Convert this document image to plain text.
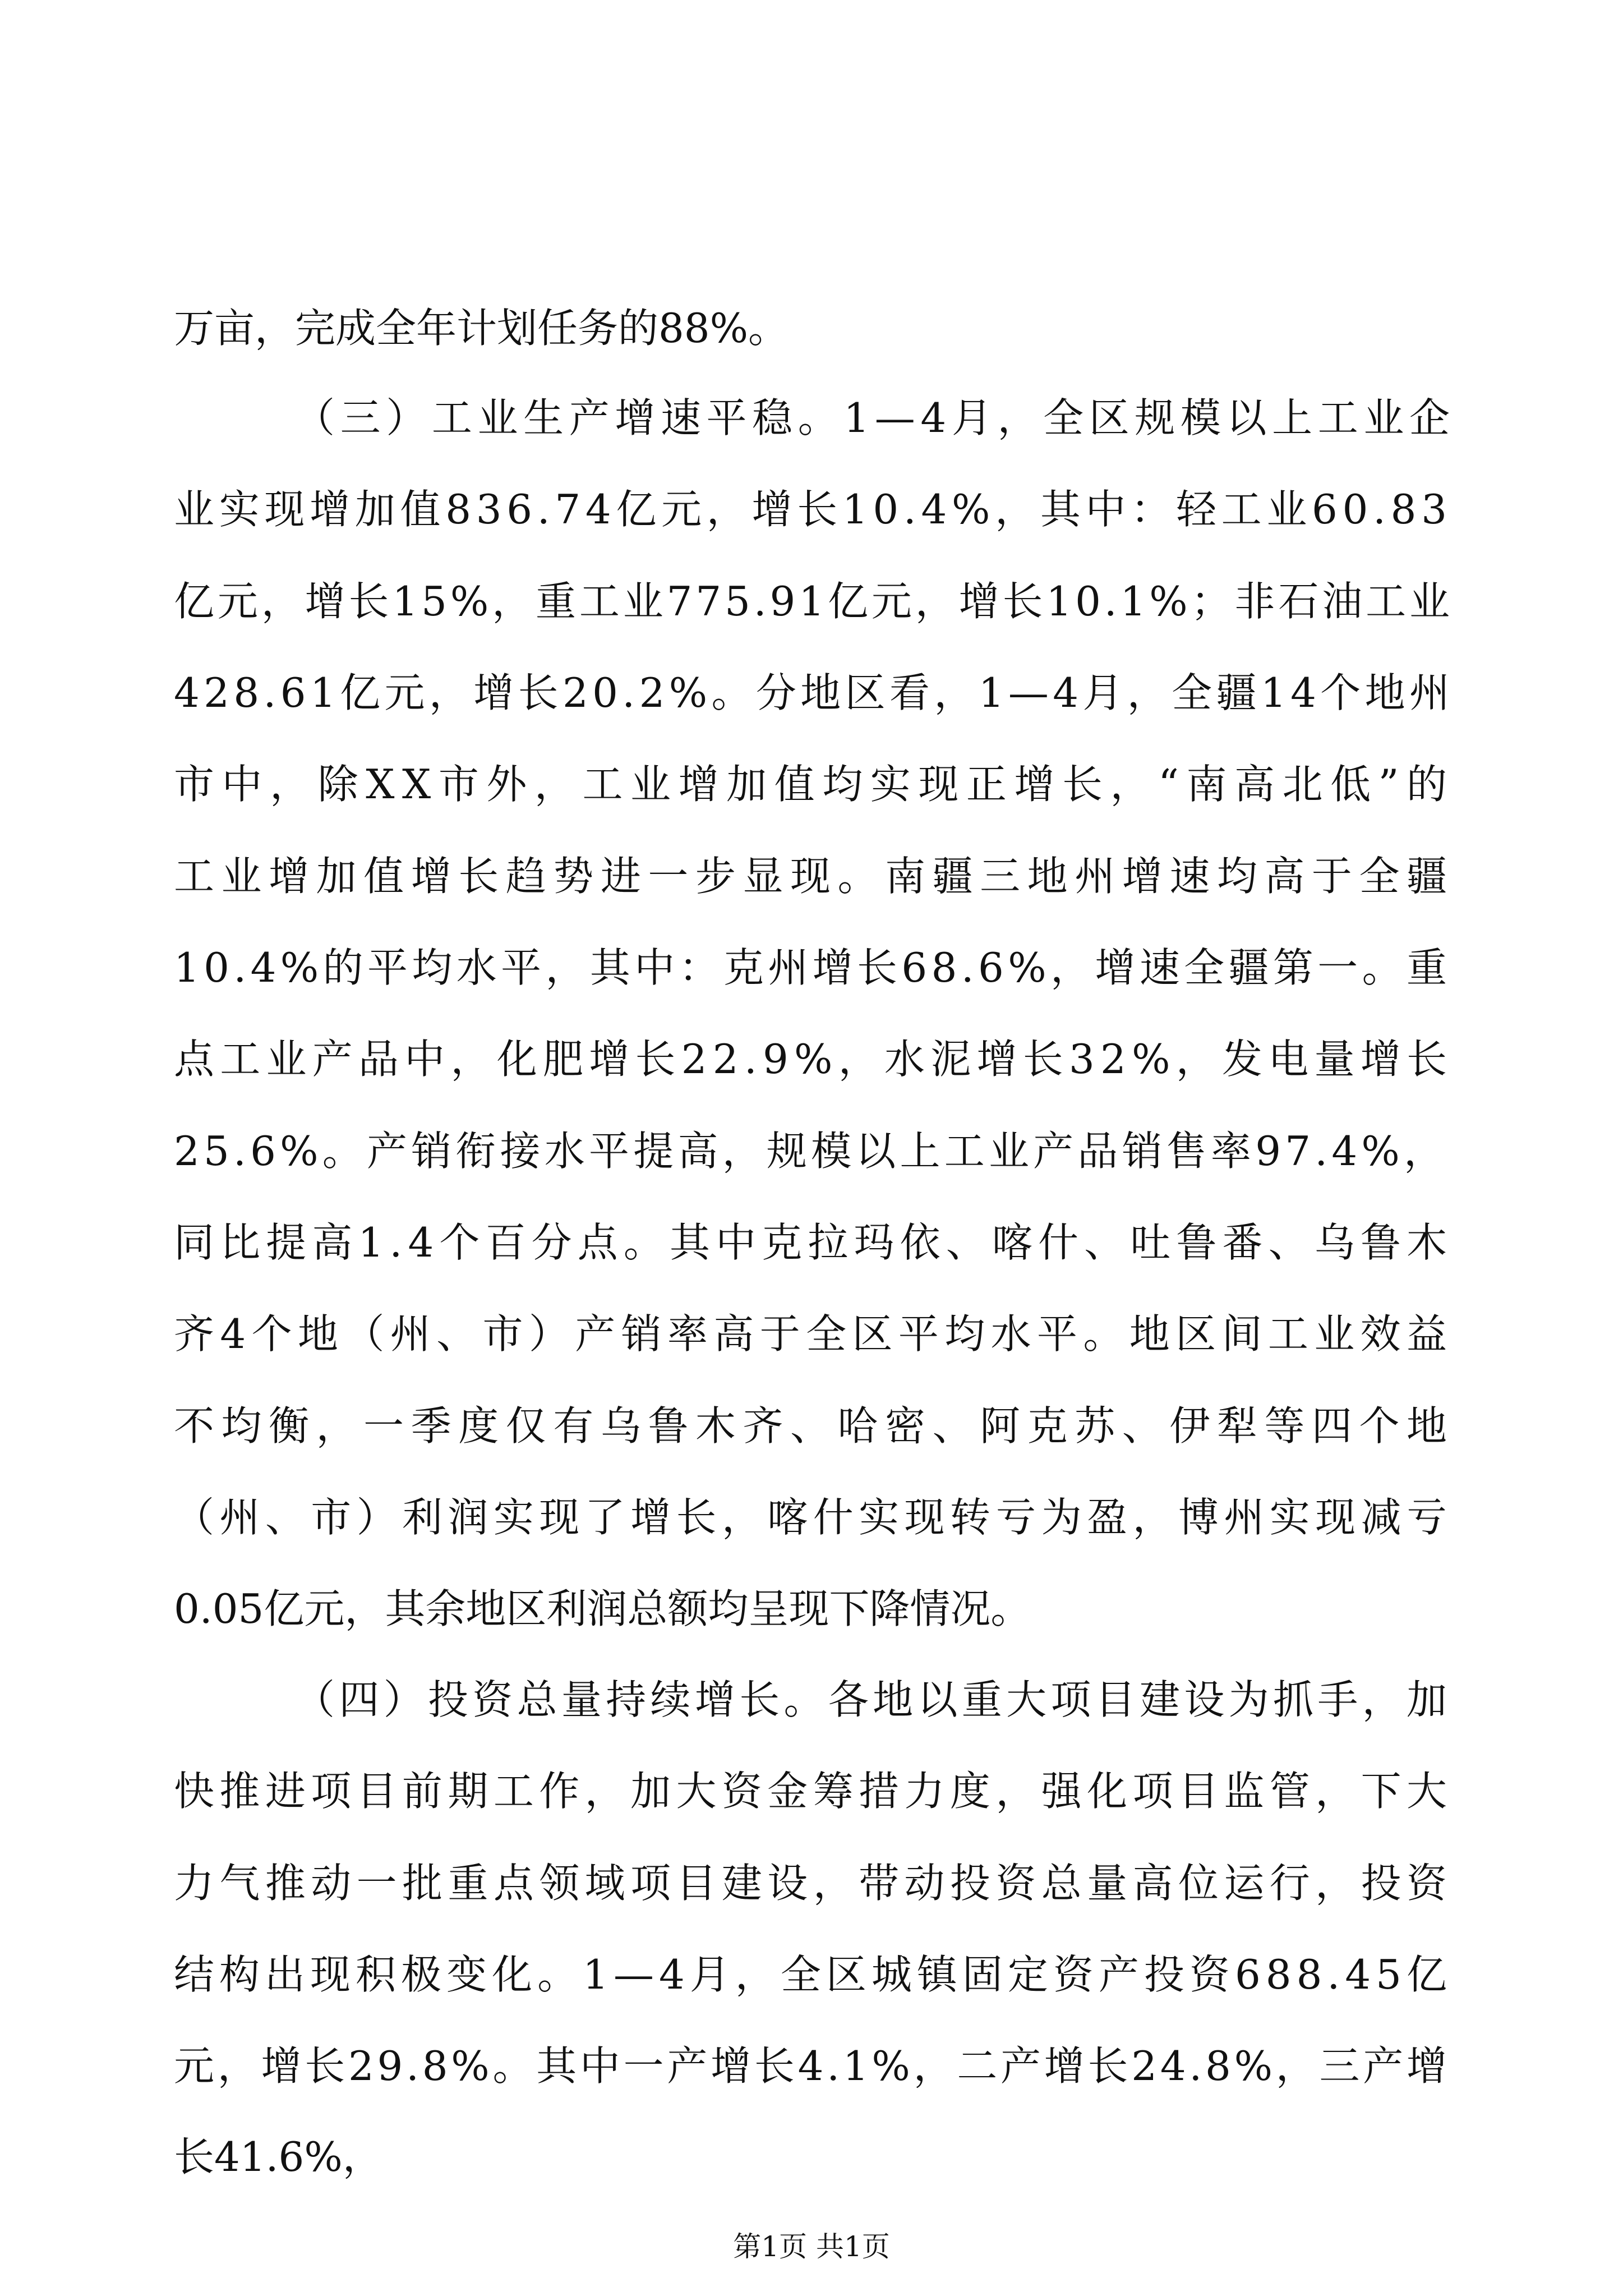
万亩，完成全年计划任务的88%。
（三）工业生产增速平稳。1—4月，全区规模以上工业企
业实现增加值836.74亿元，增长10.4%，其中：轻工业60.83
亿元，增长15%，重工业775.91亿元，增长10.1%；非石油工业
428.61亿元，增长20.2%。分地区看，1—4月，全疆14个地州
市中，除XX市外，工业增加值均实现正增长，“南高北低”的
工业增加值增长趋势进一步显现。南疆三地州增速均高于全疆
10.4%的平均水平，其中：克州增长68.6%，增速全疆第一。重
点工业产品中，化肥增长22.9%，水泥增长32%，发电量增长
25.6%。产销衔接水平提高，规模以上工业产品销售率97.4%，
同比提高1.4个百分点。其中克拉玛依、喀什、吐鲁番、乌鲁木
齐4个地（州、市）产销率高于全区平均水平。地区间工业效益
不均衡，一季度仅有乌鲁木齐、哈密、阿克苏、伊犁等四个地
（州、市）利润实现了增长，喀什实现转亏为盈，博州实现减亏
0.05亿元，其余地区利润总额均呈现下降情况。
（四）投资总量持续增长。各地以重大项目建设为抓手，加
快推进项目前期工作，加大资金筹措力度，强化项目监管，下大
力气推动一批重点领域项目建设，带动投资总量高位运行，投资
结构出现积极变化。1—4月，全区城镇固定资产投资688.45亿
元，增长29.8%。其中一产增长4.1%，二产增长24.8%，三产增
长41.6%，
第1页 共1页
